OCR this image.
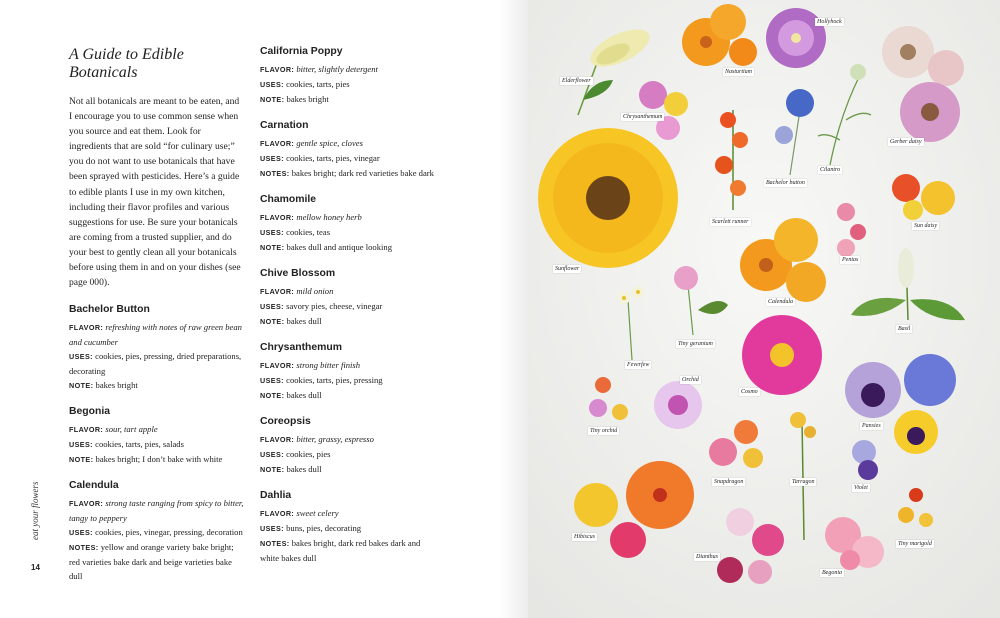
A Guide to Edible Botanicals
Not all botanicals are meant to be eaten, and I encourage you to use common sense when you source and eat them. Look for ingredients that are sold “for culinary use;” you do not want to use botanicals that have been sprayed with pesticides. Here’s a guide to edible plants I use in my own kitchen, including their flavor profiles and various suggestions for use. Be sure your botanicals are coming from a trusted supplier, and do your best to gently clean all your botanicals before using them in and on your dishes (see page 000).
Bachelor Button
FLAVOR: refreshing with notes of raw green bean and cucumber
USES: cookies, pies, pressing, dried preparations, decorating
NOTE: bakes bright
Begonia
FLAVOR: sour, tart apple
USES: cookies, tarts, pies, salads
NOTE: bakes bright; I don’t bake with white
Calendula
FLAVOR: strong taste ranging from spicy to bitter, tangy to peppery
USES: cookies, pies, vinegar, pressing, decoration
NOTES: yellow and orange variety bake bright; red varieties bake dark and beige varieties bake dull
California Poppy
FLAVOR: bitter, slightly detergent
USES: cookies, tarts, pies
NOTE: bakes bright
Carnation
FLAVOR: gentle spice, cloves
USES: cookies, tarts, pies, vinegar
NOTES: bakes bright; dark red varieties bake dark
Chamomile
FLAVOR: mellow honey herb
USES: cookies, teas
NOTE: bakes dull and antique looking
Chive Blossom
FLAVOR: mild onion
USES: savory pies, cheese, vinegar
NOTE: bakes dull
Chrysanthemum
FLAVOR: strong bitter finish
USES: cookies, tarts, pies, pressing
NOTE: bakes dull
Coreopsis
FLAVOR: bitter, grassy, espresso
USES: cookies, pies
NOTE: bakes dull
Dahlia
FLAVOR: sweet celery
USES: buns, pies, decorating
NOTES: bakes bright, dark red bakes dark and white bakes dull
eat your flowers
14
Hollyhock
Elderflower
Nasturtium
Chrysanthemum
Gerber daisy
Cilantro
Bachelor button
Sun daisy
Scarlett runner
Pentas
Sunflower
Calendula
Basil
Tiny geranium
Feverfew
Orchid
Cosmo
Pansies
Tiny orchid
Violet
Snapdragon	Tarragon
Hibiscus
Tiny marigold
Dianthus
Begonia
